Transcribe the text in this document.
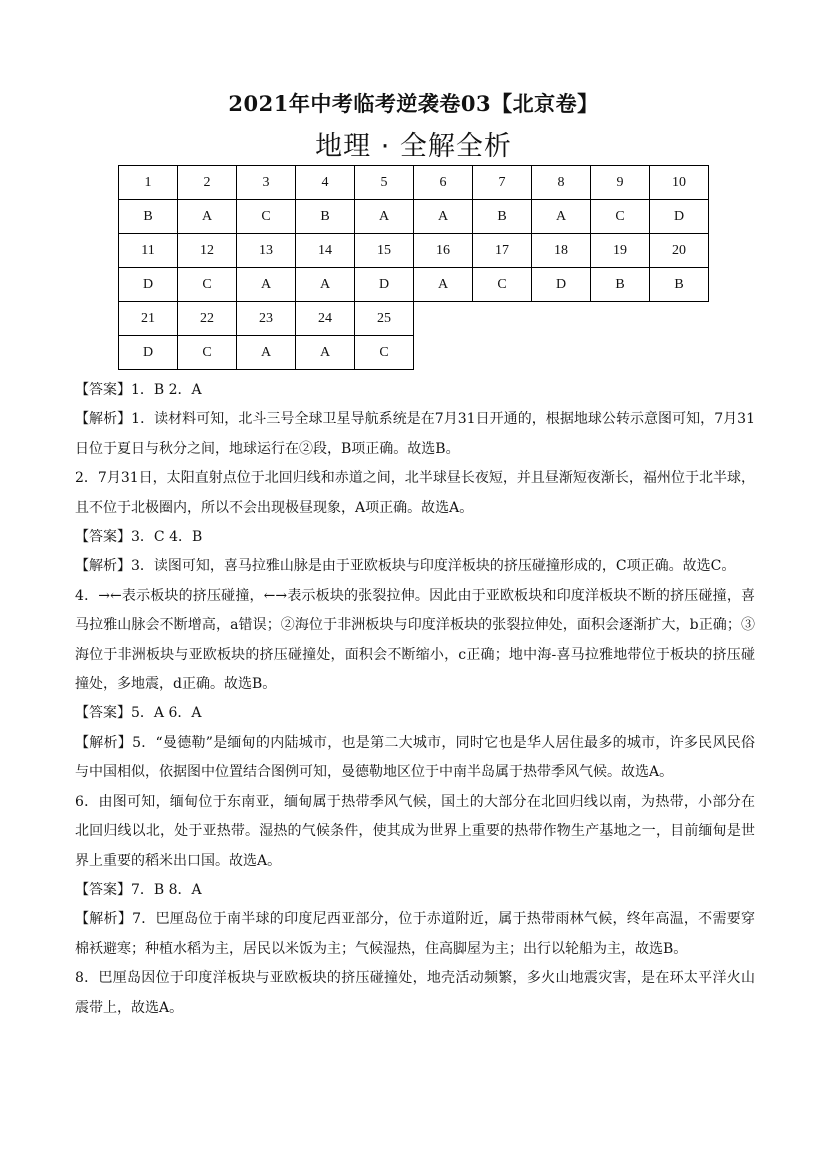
2021年中考临考逆袭卷03【北京卷】
地理 · 全解全析
1	2	3	4	5	6	7	8	9	10
B	A	C	B	A	A	B	A	C	D
11	12	13	14	15	16	17	18	19	20
D	C	A	A	D	A	C	D	B	B
21	22	23	24	25					
D	C	A	A	C					

【答案】1．B 2．A

【解析】1．读材料可知，北斗三号全球卫星导航系统是在7月31日开通的，根据地球公转示意图可知，7月31日位于夏日与秋分之间，地球运行在②段，B项正确。故选B。

2．7月31日，太阳直射点位于北回归线和赤道之间，北半球昼长夜短，并且昼渐短夜渐长，福州位于北半球，且不位于北极圈内，所以不会出现极昼现象，A项正确。故选A。

【答案】3．C 4．B

【解析】3．读图可知，喜马拉雅山脉是由于亚欧板块与印度洋板块的挤压碰撞形成的，C项正确。故选C。

4．→←表示板块的挤压碰撞，←→表示板块的张裂拉伸。因此由于亚欧板块和印度洋板块不断的挤压碰撞，喜马拉雅山脉会不断增高，a错误；②海位于非洲板块与印度洋板块的张裂拉伸处，面积会逐渐扩大，b正确；③海位于非洲板块与亚欧板块的挤压碰撞处，面积会不断缩小，c正确；地中海-喜马拉雅地带位于板块的挤压碰撞处，多地震，d正确。故选B。

【答案】5．A 6．A

【解析】5．“曼德勒”是缅甸的内陆城市，也是第二大城市，同时它也是华人居住最多的城市，许多民风民俗与中国相似，依据图中位置结合图例可知，曼德勒地区位于中南半岛属于热带季风气候。故选A。

6．由图可知，缅甸位于东南亚，缅甸属于热带季风气候，国土的大部分在北回归线以南，为热带，小部分在北回归线以北，处于亚热带。湿热的气候条件，使其成为世界上重要的热带作物生产基地之一，目前缅甸是世界上重要的稻米出口国。故选A。

【答案】7．B 8．A

【解析】7．巴厘岛位于南半球的印度尼西亚部分，位于赤道附近，属于热带雨林气候，终年高温，不需要穿棉袄避寒；种植水稻为主，居民以米饭为主；气候湿热，住高脚屋为主；出行以轮船为主，故选B。

8．巴厘岛因位于印度洋板块与亚欧板块的挤压碰撞处，地壳活动频繁，多火山地震灾害，是在环太平洋火山震带上，故选A。
